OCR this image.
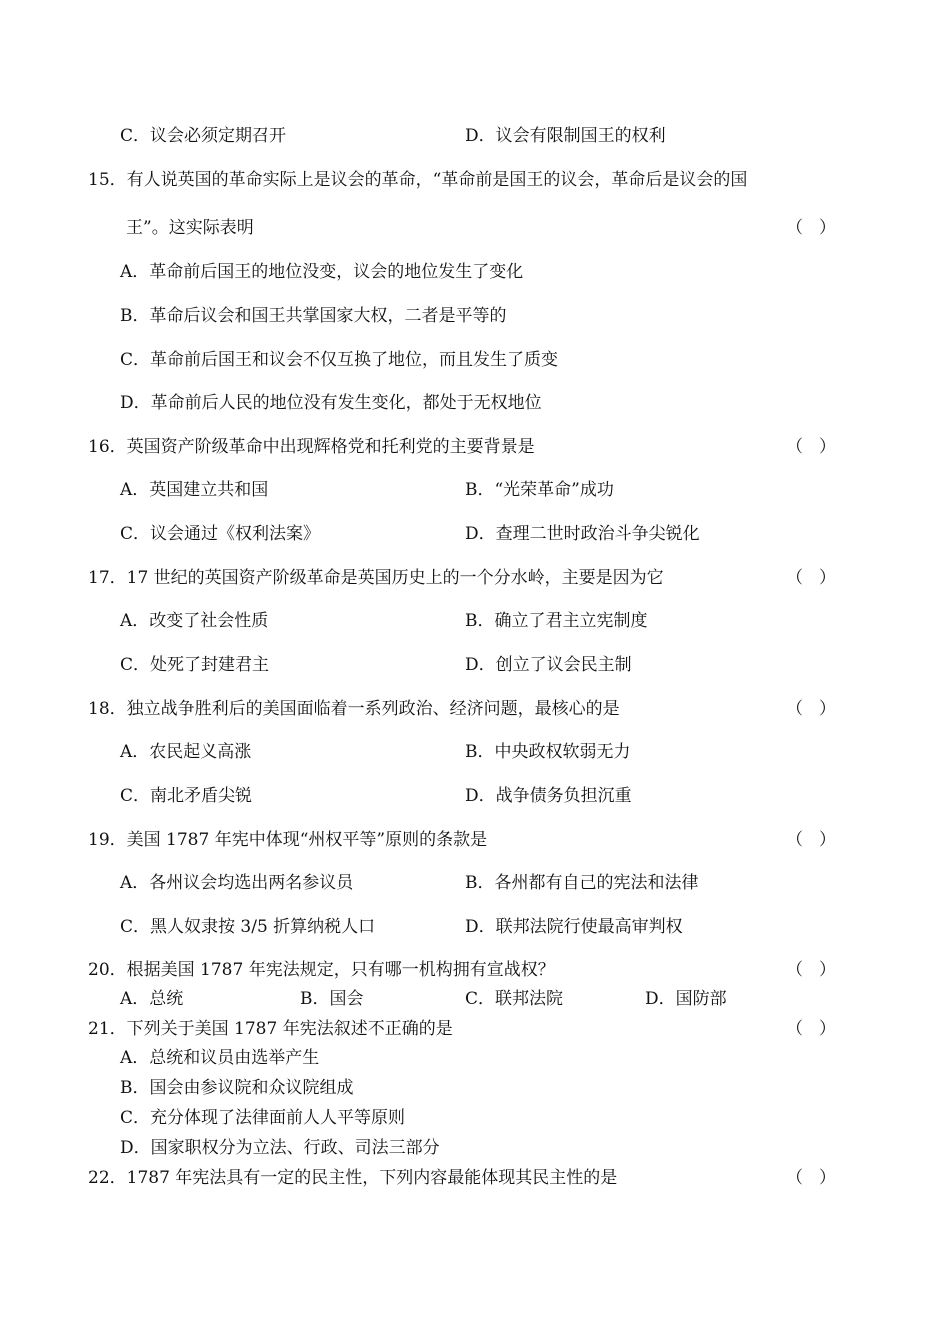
C．议会必须定期召开	D．议会有限制国王的权利
15．有人说英国的革命实际上是议会的革命，“革命前是国王的议会，革命后是议会的国
王”。这实际表明	（ ）
A．革命前后国王的地位没变，议会的地位发生了变化
B．革命后议会和国王共掌国家大权，二者是平等的
C．革命前后国王和议会不仅互换了地位，而且发生了质变
D．革命前后人民的地位没有发生变化，都处于无权地位
16．英国资产阶级革命中出现辉格党和托利党的主要背景是	（ ）
A．英国建立共和国	B．“光荣革命”成功
C．议会通过《权利法案》	D．查理二世时政治斗争尖锐化
17．17 世纪的英国资产阶级革命是英国历史上的一个分水岭，主要是因为它	（ ）
A．改变了社会性质	B．确立了君主立宪制度
C．处死了封建君主	D．创立了议会民主制
18．独立战争胜利后的美国面临着一系列政治、经济问题，最核心的是	（ ）
A．农民起义高涨	B．中央政权软弱无力
C．南北矛盾尖锐	D．战争债务负担沉重
19．美国 1787 年宪中体现“州权平等”原则的条款是	（ ）
A．各州议会均选出两名参议员	B．各州都有自己的宪法和法律
C．黑人奴隶按 3/5 折算纳税人口	D．联邦法院行使最高审判权
20．根据美国 1787 年宪法规定，只有哪一机构拥有宣战权？	（ ）
A．总统	B．国会	C．联邦法院	D．国防部
21．下列关于美国 1787 年宪法叙述不正确的是	（ ）
A．总统和议员由选举产生
B．国会由参议院和众议院组成
C．充分体现了法律面前人人平等原则
D．国家职权分为立法、行政、司法三部分
22．1787 年宪法具有一定的民主性，下列内容最能体现其民主性的是	（ ）
